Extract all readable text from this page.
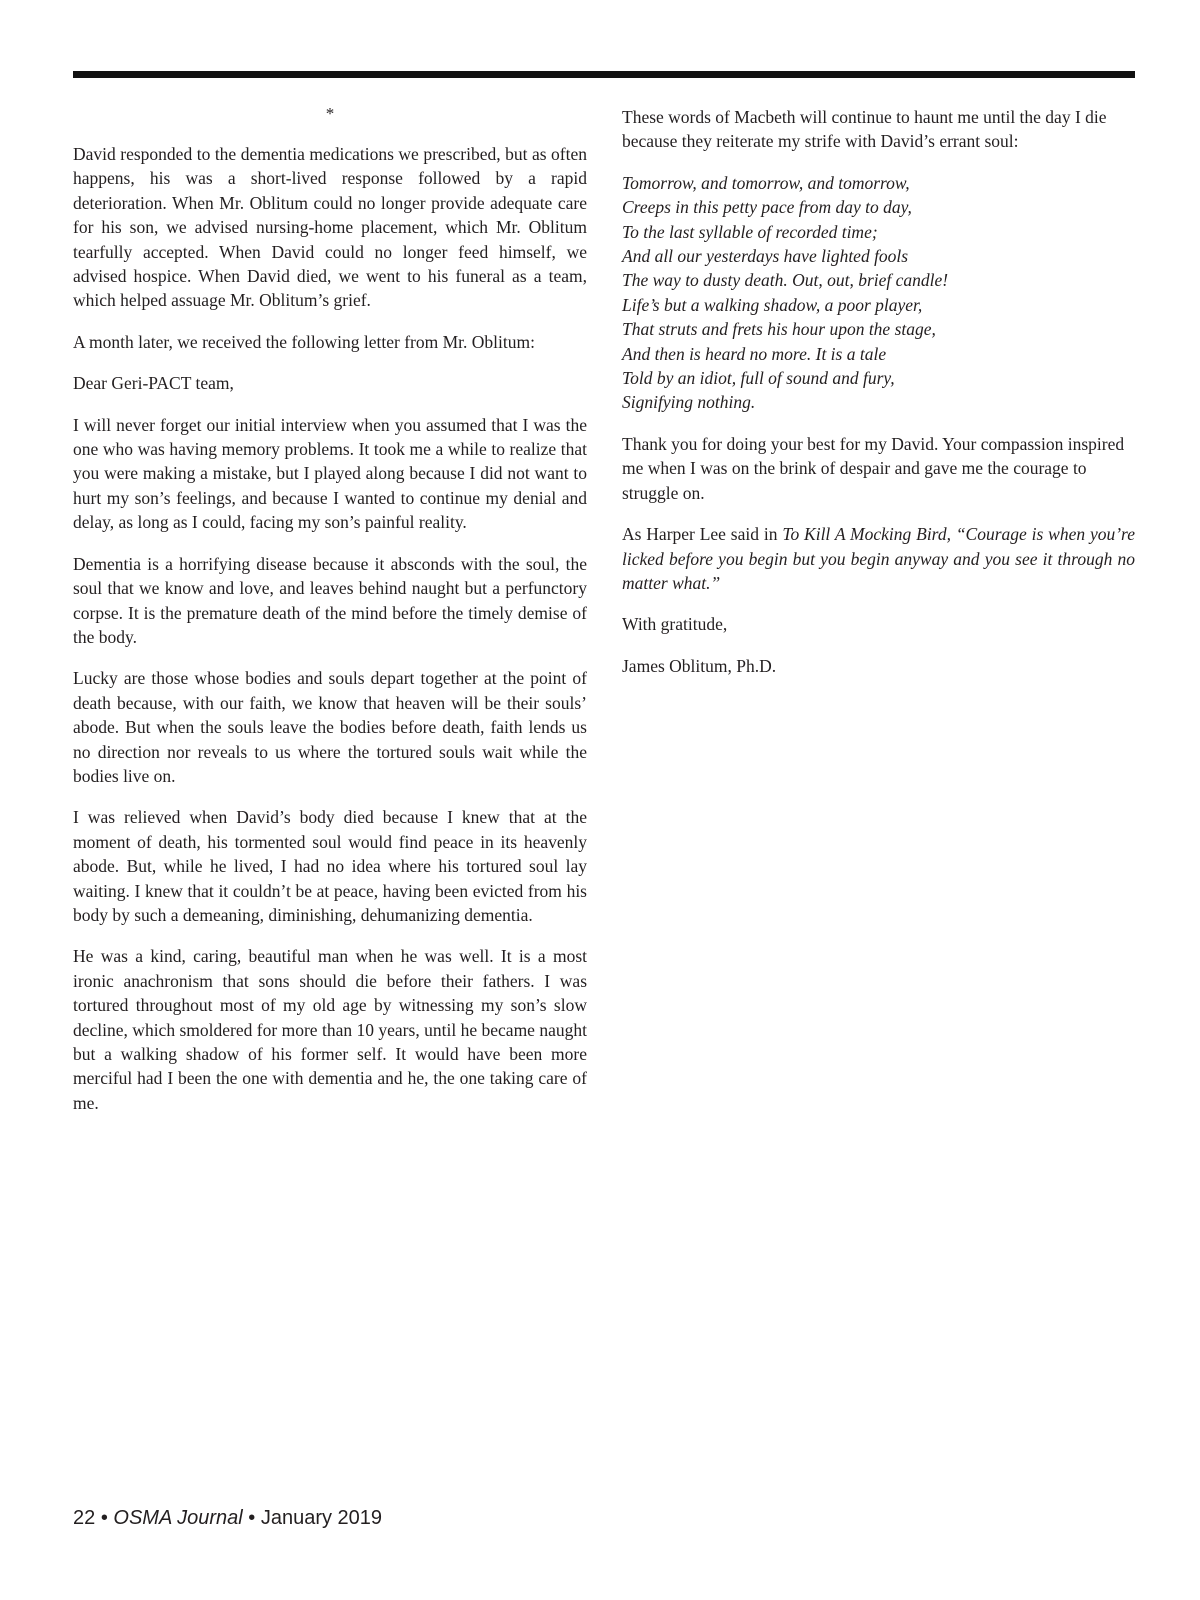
*

David responded to the dementia medications we prescribed, but as often happens, his was a short-lived response followed by a rapid deterioration. When Mr. Oblitum could no longer provide adequate care for his son, we advised nursing-home placement, which Mr. Oblitum tearfully accepted. When David could no longer feed himself, we advised hospice. When David died, we went to his funeral as a team, which helped assuage Mr. Oblitum’s grief.

A month later, we received the following letter from Mr. Oblitum:

Dear Geri-PACT team,

I will never forget our initial interview when you assumed that I was the one who was having memory problems. It took me a while to realize that you were making a mistake, but I played along because I did not want to hurt my son’s feelings, and because I wanted to continue my denial and delay, as long as I could, facing my son’s painful reality.

Dementia is a horrifying disease because it absconds with the soul, the soul that we know and love, and leaves behind naught but a perfunctory corpse. It is the premature death of the mind before the timely demise of the body.

Lucky are those whose bodies and souls depart together at the point of death because, with our faith, we know that heaven will be their souls’ abode. But when the souls leave the bodies before death, faith lends us no direction nor reveals to us where the tortured souls wait while the bodies live on.

I was relieved when David’s body died because I knew that at the moment of death, his tormented soul would find peace in its heavenly abode. But, while he lived, I had no idea where his tortured soul lay waiting. I knew that it couldn’t be at peace, having been evicted from his body by such a demeaning, diminishing, dehumanizing dementia.

He was a kind, caring, beautiful man when he was well. It is a most ironic anachronism that sons should die before their fathers. I was tortured throughout most of my old age by witnessing my son’s slow decline, which smoldered for more than 10 years, until he became naught but a walking shadow of his former self. It would have been more merciful had I been the one with dementia and he, the one taking care of me.

These words of Macbeth will continue to haunt me until the day I die because they reiterate my strife with David’s errant soul:

Tomorrow, and tomorrow, and tomorrow,
Creeps in this petty pace from day to day,
To the last syllable of recorded time;
And all our yesterdays have lighted fools
The way to dusty death. Out, out, brief candle!
Life’s but a walking shadow, a poor player,
That struts and frets his hour upon the stage,
And then is heard no more. It is a tale
Told by an idiot, full of sound and fury,
Signifying nothing.

Thank you for doing your best for my David. Your compassion inspired me when I was on the brink of despair and gave me the courage to struggle on.

As Harper Lee said in To Kill A Mocking Bird, “Courage is when you’re licked before you begin but you begin anyway and you see it through no matter what.”

With gratitude,

James Oblitum, Ph.D.

22 • OSMA Journal • January 2019
